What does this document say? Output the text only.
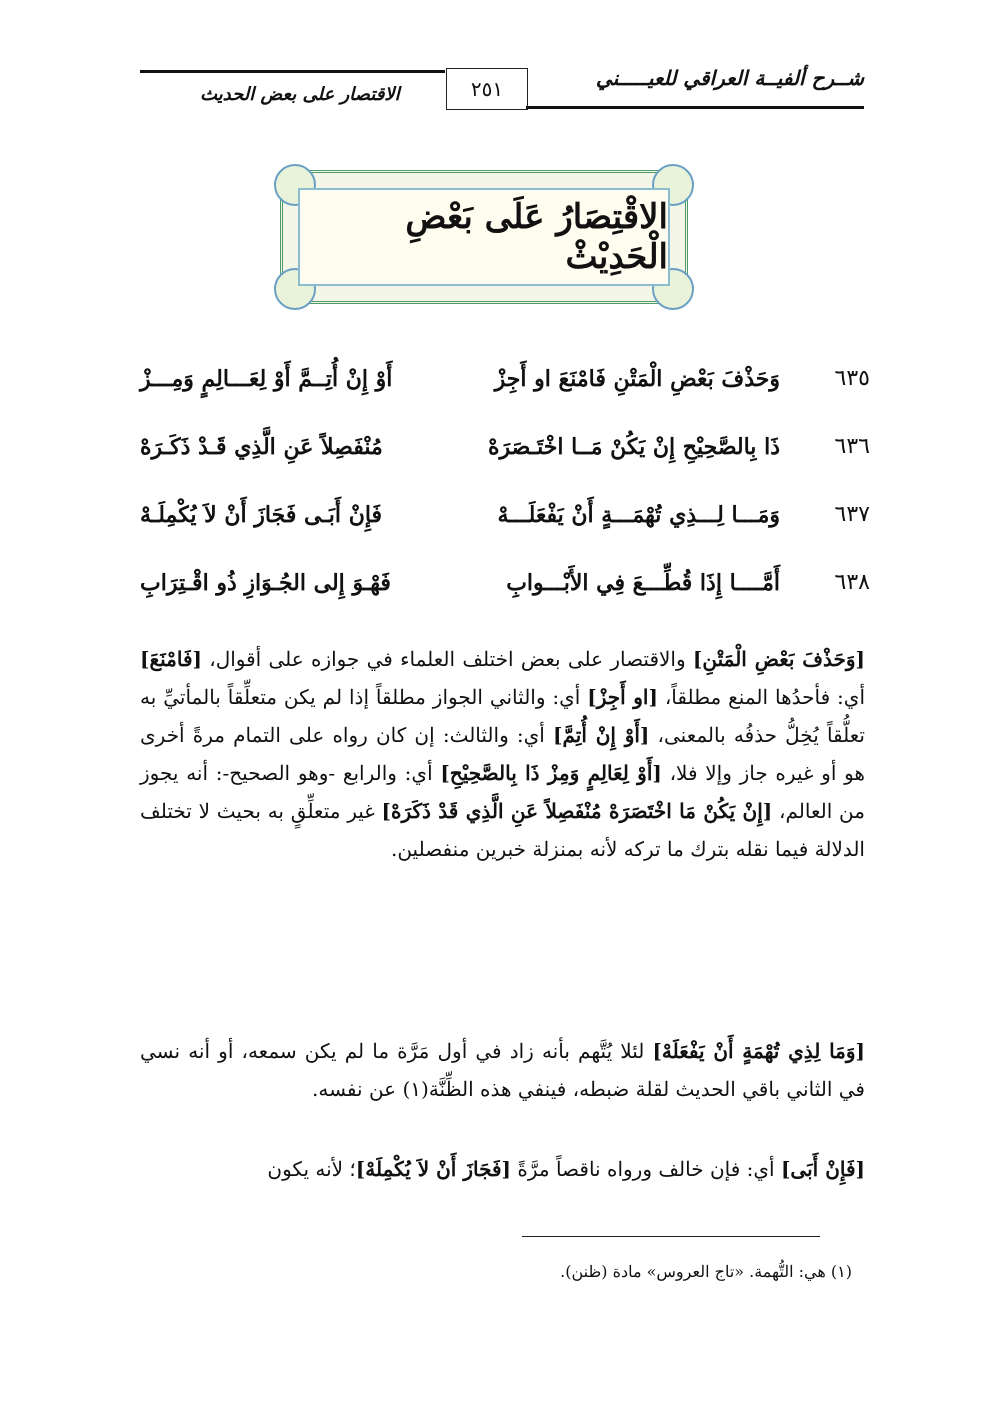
شــرح ألفيــة العراقي للعيـــــني
٢٥١
الاقتصار على بعض الحديث
الاقْتِصَارُ عَلَى بَعْضِ الْحَدِيْثْ
٦٣٥
وَحَذْفَ بَعْضِ الْمَتْنِ فَامْنَعَ او أَجِزْ
أَوْ إِنْ أُتِــمَّ أَوْ لِعَـــالِمٍ وَمِـــزْ
٦٣٦
ذَا بِالصَّحِيْحِ إِنْ يَكُنْ مَــا اخْتَـصَرَهْ
مُنْفَصِلاً عَنِ الَّذِي قَـدْ ذَكَـرَهْ
٦٣٧
وَمَـــا لِـــذِي تُهْمَـــةٍ أَنْ يَفْعَلَـــهْ
فَإِنْ أَبَـى فَجَازَ أَنْ لاَ يُكْمِلَـهْ
٦٣٨
أَمَّــــا إِذَا قُطِّـــعَ فِي الأَبْـــوابِ
فَهْـوَ إِلى الجُـوَازِ ذُو اقْـتِرَابِ
[وَحَذْفَ بَعْضِ الْمَتْنِ] والاقتصار على بعض اختلف العلماء في جوازه على أقوال، [فَامْنَعَ] أي: فأحدُها المنع مطلقاً، [او أَجِزْ] أي: والثاني الجواز مطلقاً إذا لم يكن متعلِّقاً بالمأتيِّ به تعلُّقاً يُخِلُّ حذفُه بالمعنى، [أَوْ إِنْ أُتِمَّ] أي: والثالث: إن كان رواه على التمام مرةً أخرى هو أو غيره جاز وإلا فلا، [أَوْ لِعَالِمٍ وَمِزْ ذَا بِالصَّحِيْحِ] أي: والرابع -وهو الصحيح-: أنه يجوز من العالم، [إِنْ يَكُنْ مَا اخْتَصَرَهْ مُنْفَصِلاً عَنِ الَّذِي قَدْ ذَكَرَهْ] غير متعلِّقٍ به بحيث لا تختلف الدلالة فيما نقله بترك ما تركه لأنه بمنزلة خبرين منفصلين.
[وَمَا لِذِي تُهْمَةٍ أَنْ يَفْعَلَهْ] لئلا يُتَّهم بأنه زاد في أول مَرَّة ما لم يكن سمعه، أو أنه نسي في الثاني باقي الحديث لقلة ضبطه، فينفي هذه الظِّنَّة(١) عن نفسه.
[فَإِنْ أَبَى] أي: فإن خالف ورواه ناقصاً مرَّةً [فَجَازَ أَنْ لاَ يُكْمِلَهْ]؛ لأنه يكون
(١) هي: التُّهمة. «تاج العروس» مادة (ظنن).
